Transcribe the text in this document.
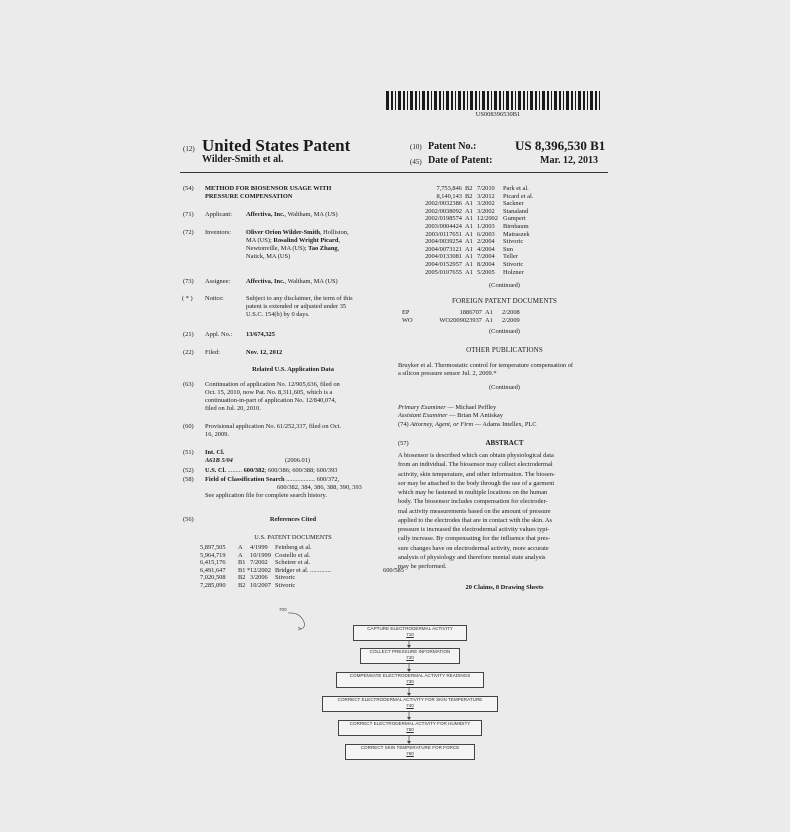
US008396530B1
(12) United States Patent
Wilder-Smith et al.
(10) Patent No.:	US 8,396,530 B1
(45) Date of Patent:	Mar. 12, 2013
(54) METHOD FOR BIOSENSOR USAGE WITH
PRESSURE COMPENSATION
(71) Applicant: Affectiva, Inc., Waltham, MA (US)
(72) Inventors: Oliver Orion Wilder-Smith, Holliston,
MA (US); Rosalind Wright Picard,
Newtonville, MA (US); Tao Zhang,
Natick, MA (US)
(73) Assignee: Affectiva, Inc., Waltham, MA (US)
( * ) Notice:	Subject to any disclaimer, the term of this
patent is extended or adjusted under 35
U.S.C. 154(b) by 0 days.
(21) Appl. No.: 13/674,325
(22) Filed:	Nov. 12, 2012
Related U.S. Application Data
(63) Continuation of application No. 12/905,636, filed on
Oct. 15, 2010, now Pat. No. 8,311,605, which is a
continuation-in-part of application No. 12/840,074,
filed on Jul. 20, 2010.
(60) Provisional application No. 61/252,337, filed on Oct.
16, 2009.
(51) Int. Cl.
A61B 5/04	(2006.01)
(52) U.S. Cl. ......... 600/382; 600/386; 600/388; 600/393
(58) Field of Classification Search .................. 600/372,
600/382, 384, 386, 388, 390, 393
See application file for complete search history.
(56)	References Cited
U.S. PATENT DOCUMENTS
5,897,505 A 4/1999 Feinberg et al.
5,964,719 A 10/1999 Costello et al.
6,415,176 B1 7/2002 Scheirer et al.
6,491,647 B1 * 12/2002 Bridger et al. .............	600/585
7,020,508 B2 3/2006 Stivoric
7,285,090 B2 10/2007 Stivoric
7,753,846 B2 7/2010 Park et al.
8,140,143 B2 3/2012 Picard et al.
2002/0032386 A1 3/2002 Sackner
2002/0038092 A1 3/2002 Stanaland
2002/0198574 A1 12/2002 Gumpert
2003/0004424 A1 1/2003 Birnbaum
2003/0117651 A1 6/2003 Matraszek
2004/0039254 A1 2/2004 Stivoric
2004/0073121 A1 4/2004 Sun
2004/0133081 A1 7/2004 Teller
2004/0152957 A1 8/2004 Stivoric
2005/0107655 A1 5/2005 Holzner
(Continued)
FOREIGN PATENT DOCUMENTS
EP	1886707 A1 2/2008
WO	WO2009023937 A1 2/2009
(Continued)
OTHER PUBLICATIONS
Bruyker et al. Thermostatic control for temperature compensation of
a silicon pressure sensor Jul. 2, 2009.*
(Continued)
Primary Examiner — Michael Peffley
Assistant Examiner — Brian M Antiskay
(74) Attorney, Agent, or Firm — Adams Intellex, PLC
(57)	ABSTRACT
A biosensor is described which can obtain physiological data
from an individual. The biosensor may collect electrodermal
activity, skin temperature, and other information. The biosen-
sor may be attached to the body through the use of a garment
which may be fastened in multiple locations on the human
body. The biosensor includes compensation for electroder-
mal activity measurements based on the amount of pressure
applied to the electrodes that are in contact with the skin. As
pressure is increased the electrodermal activity values typi-
cally increase. By compensating for the influence that pres-
sure changes have on electrodermal activity, more accurate
analysis of physiology and therefore mental state analysis
may be performed.
20 Claims, 8 Drawing Sheets
700
CAPTURE ELECTRODERMAL ACTIVITY
710
COLLECT PRESSURE INFORMATION
720
COMPENSATE ELECTRODERMAL ACTIVITY READINGS
730
CORRECT ELECTRODERMAL ACTIVITY FOR SKIN TEMPERATURE
740
CORRECT ELECTRODERMAL ACTIVITY FOR HUMIDITY
750
CORRECT SKIN TEMPERATURE FOR FORCE
760
